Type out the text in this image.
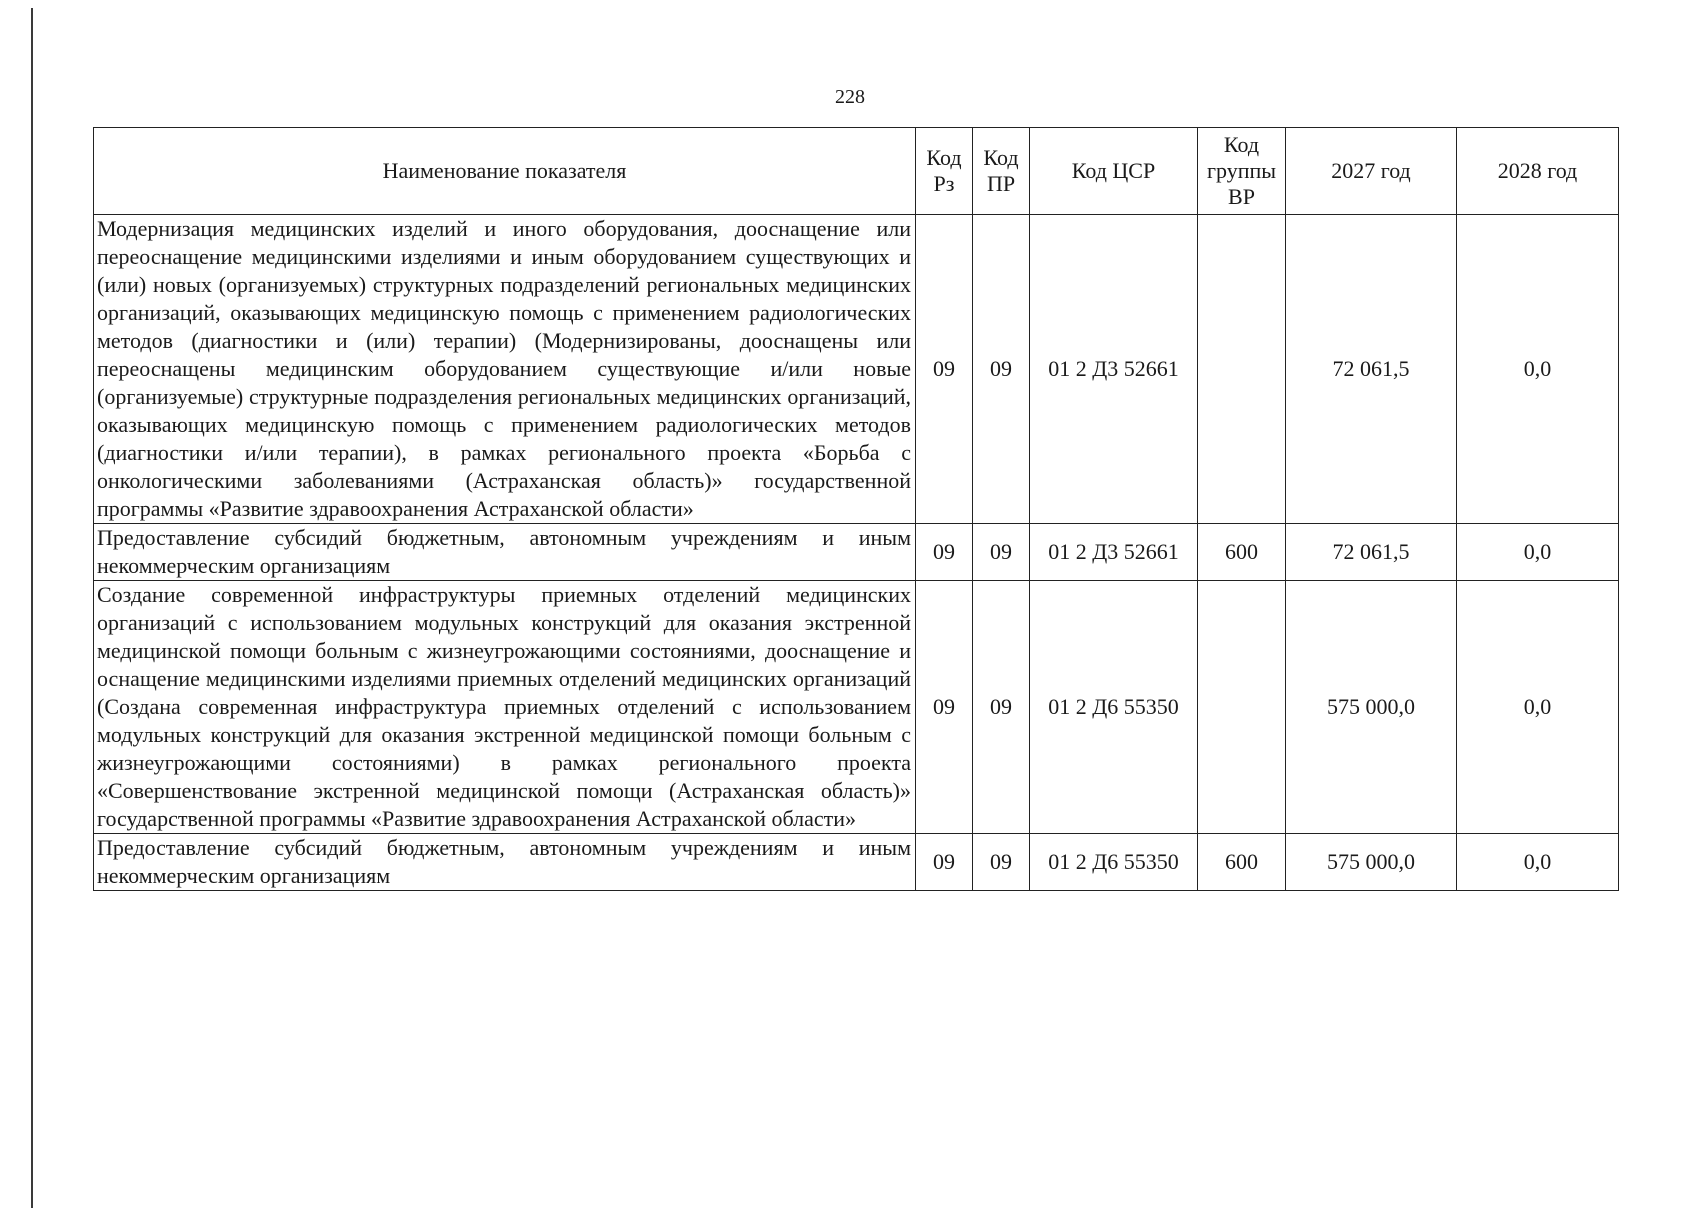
228
Наименование показателя	Код Рз	Код ПР	Код ЦСР	Код группы ВР	2027 год	2028 год
Модернизация медицинских изделий и иного оборудования, дооснащение или переоснащение медицинскими изделиями и иным оборудованием существующих и (или) новых (организуемых) структурных подразделений региональных медицинских организаций, оказывающих медицинскую помощь с применением радиологических методов (диагностики и (или) терапии) (Модернизированы, дооснащены или переоснащены медицинским оборудованием существующие и/или новые (организуемые) структурные подразделения региональных медицинских организаций, оказывающих медицинскую помощь с применением радиологических методов (диагностики и/или терапии), в рамках регионального проекта «Борьба с онкологическими заболеваниями (Астраханская область)» государственной программы «Развитие здравоохранения Астраханской области»	09	09	01 2 Д3 52661		72 061,5	0,0
Предоставление субсидий бюджетным, автономным учреждениям и иным некоммерческим организациям	09	09	01 2 Д3 52661	600	72 061,5	0,0
Создание современной инфраструктуры приемных отделений медицинских организаций с использованием модульных конструкций для оказания экстренной медицинской помощи больным с жизнеугрожающими состояниями, дооснащение и оснащение медицинскими изделиями приемных отделений медицинских организаций (Создана современная инфраструктура приемных отделений с использованием модульных конструкций для оказания экстренной медицинской помощи больным с жизнеугрожающими состояниями) в рамках регионального проекта «Совершенствование экстренной медицинской помощи (Астраханская область)» государственной программы «Развитие здравоохранения Астраханской области»	09	09	01 2 Д6 55350		575 000,0	0,0
Предоставление субсидий бюджетным, автономным учреждениям и иным некоммерческим организациям	09	09	01 2 Д6 55350	600	575 000,0	0,0
